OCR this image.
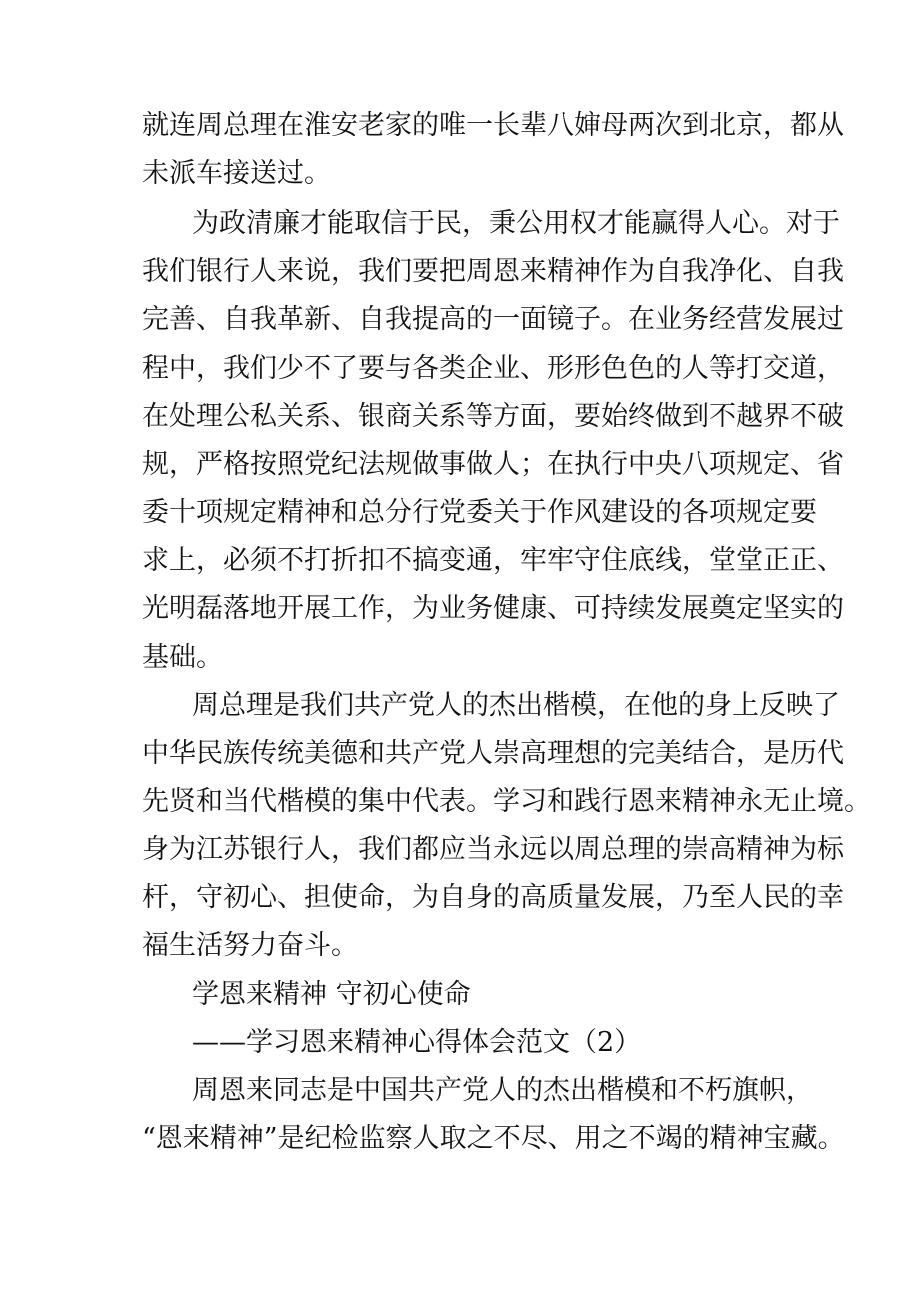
就连周总理在淮安老家的唯一长辈八婶母两次到北京，都从
未派车接送过。
为政清廉才能取信于民，秉公用权才能赢得人心。对于
我们银行人来说，我们要把周恩来精神作为自我净化、自我
完善、自我革新、自我提高的一面镜子。在业务经营发展过
程中，我们少不了要与各类企业、形形色色的人等打交道，
在处理公私关系、银商关系等方面，要始终做到不越界不破
规，严格按照党纪法规做事做人；在执行中央八项规定、省
委十项规定精神和总分行党委关于作风建设的各项规定要
求上，必须不打折扣不搞变通，牢牢守住底线，堂堂正正、
光明磊落地开展工作，为业务健康、可持续发展奠定坚实的
基础。
周总理是我们共产党人的杰出楷模，在他的身上反映了
中华民族传统美德和共产党人崇高理想的完美结合，是历代
先贤和当代楷模的集中代表。学习和践行恩来精神永无止境。
身为江苏银行人，我们都应当永远以周总理的崇高精神为标
杆，守初心、担使命，为自身的高质量发展，乃至人民的幸
福生活努力奋斗。
学恩来精神 守初心使命
——学习恩来精神心得体会范文（2）
周恩来同志是中国共产党人的杰出楷模和不朽旗帜，
“恩来精神”是纪检监察人取之不尽、用之不竭的精神宝藏。
